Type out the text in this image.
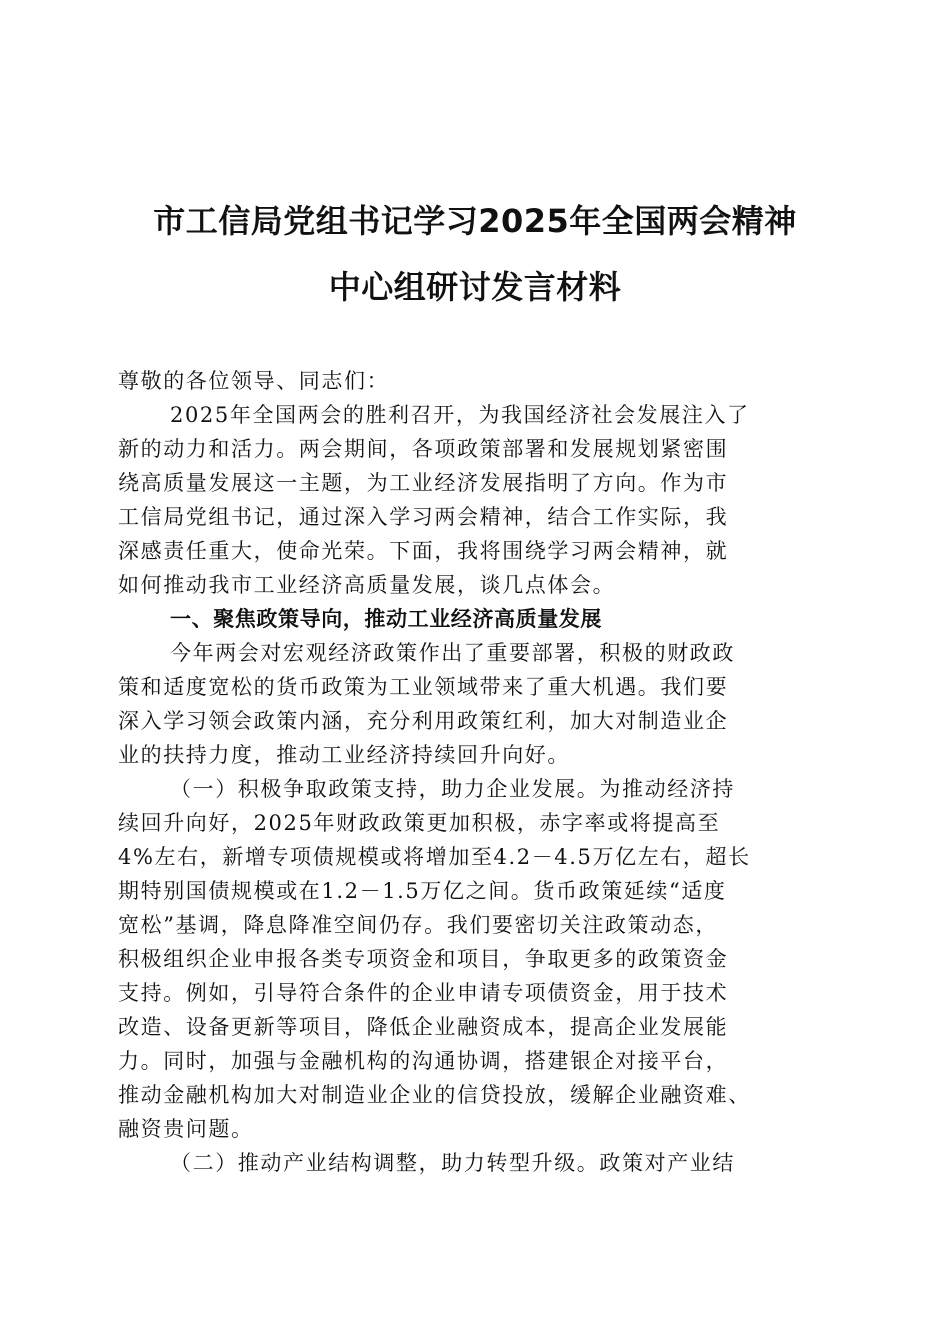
市工信局党组书记学习2025年全国两会精神
中心组研讨发言材料
尊敬的各位领导、同志们：
2025年全国两会的胜利召开，为我国经济社会发展注入了
新的动力和活力。两会期间，各项政策部署和发展规划紧密围
绕高质量发展这一主题，为工业经济发展指明了方向。作为市
工信局党组书记，通过深入学习两会精神，结合工作实际，我
深感责任重大，使命光荣。下面，我将围绕学习两会精神，就
如何推动我市工业经济高质量发展，谈几点体会。
一、聚焦政策导向，推动工业经济高质量发展
今年两会对宏观经济政策作出了重要部署，积极的财政政
策和适度宽松的货币政策为工业领域带来了重大机遇。我们要
深入学习领会政策内涵，充分利用政策红利，加大对制造业企
业的扶持力度，推动工业经济持续回升向好。
（一）积极争取政策支持，助力企业发展。为推动经济持
续回升向好，2025年财政政策更加积极，赤字率或将提高至
4%左右，新增专项债规模或将增加至4.2－4.5万亿左右，超长
期特别国债规模或在1.2－1.5万亿之间。货币政策延续“适度
宽松”基调，降息降准空间仍存。我们要密切关注政策动态，
积极组织企业申报各类专项资金和项目，争取更多的政策资金
支持。例如，引导符合条件的企业申请专项债资金，用于技术
改造、设备更新等项目，降低企业融资成本，提高企业发展能
力。同时，加强与金融机构的沟通协调，搭建银企对接平台，
推动金融机构加大对制造业企业的信贷投放，缓解企业融资难、
融资贵问题。
（二）推动产业结构调整，助力转型升级。政策对产业结
